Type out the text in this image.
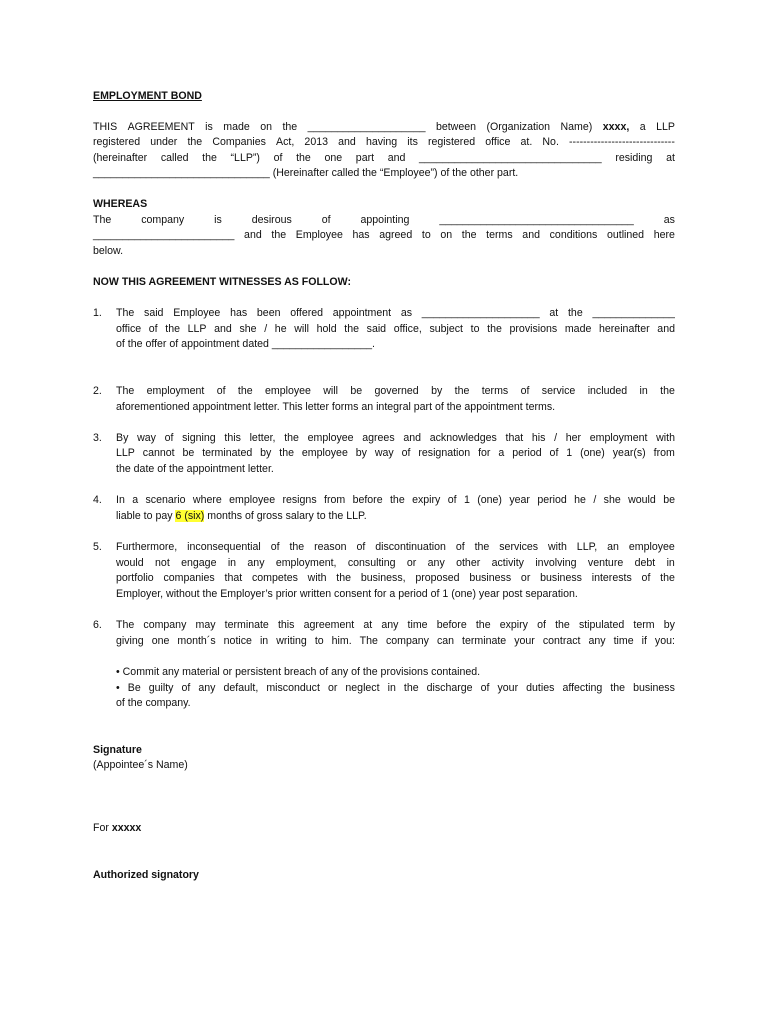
EMPLOYMENT BOND
THIS AGREEMENT is made on the ____________________ between (Organization Name) xxxx, a LLP
registered under the Companies Act, 2013 and having its registered office at. No. ------------------------------
(hereinafter called the “LLP”) of the one part and _______________________________ residing at
______________________________ (Hereinafter called the “Employee”) of the other part.
WHEREAS
The	company	is	desirous	of	appointing	_________________________________	as
________________________ and the Employee has agreed to on the terms and conditions outlined here
below.
NOW THIS AGREEMENT WITNESSES AS FOLLOW:
1.	The said Employee has been offered appointment as ____________________ at the ______________
office of the LLP and she / he will hold the said office, subject to the provisions made hereinafter and
of the offer of appointment dated _________________.
2.	The employment of the employee will be governed by the terms of service included in the
aforementioned appointment letter. This letter forms an integral part of the appointment terms.
3.	By way of signing this letter, the employee agrees and acknowledges that his / her employment with
LLP cannot be terminated by the employee by way of resignation for a period of 1 (one) year(s) from
the date of the appointment letter.
4.	In a scenario where employee resigns from before the expiry of 1 (one) year period he / she would be
liable to pay 6 (six) months of gross salary to the LLP.
5.	Furthermore, inconsequential of the reason of discontinuation of the services with LLP, an employee
would not engage in any employment, consulting or any other activity involving venture debt in
portfolio companies that competes with the business, proposed business or business interests of the
Employer, without the Employer’s prior written consent for a period of 1 (one) year post separation.
6.	The company may terminate this agreement at any time before the expiry of the stipulated term by
giving one month´s notice in writing to him. The company can terminate your contract any time if you:
• Commit any material or persistent breach of any of the provisions contained.
• Be guilty of any default, misconduct or neglect in the discharge of your duties affecting the business
of the company.
Signature
(Appointee´s Name)
For xxxxx
Authorized signatory
